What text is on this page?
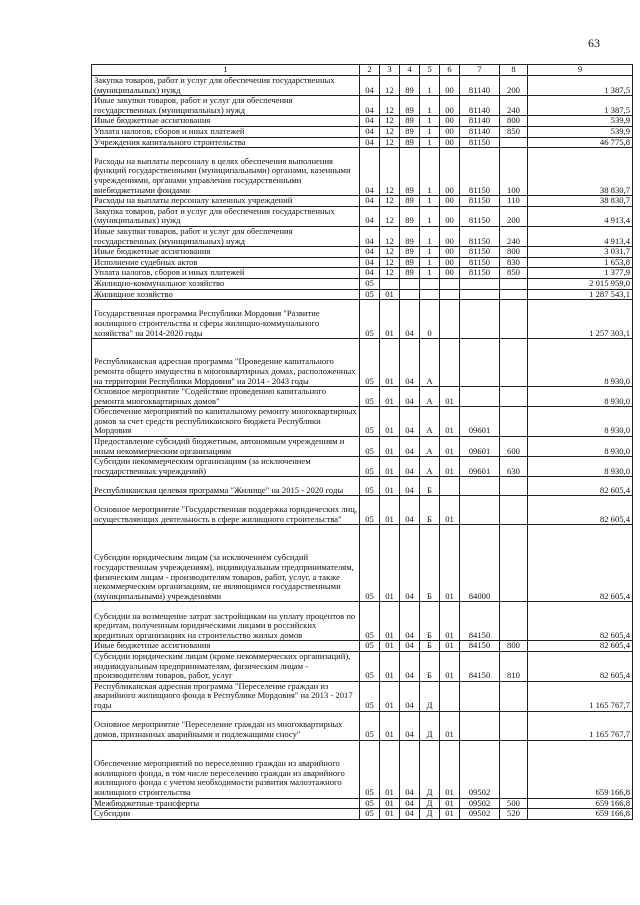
63
1	2	3	4	5	6	7	8	9
Закупка товаров, работ и услуг для обеспечения государственных (муниципальных) нужд	04	12	89	1	00	81140	200	1 387,5
Иные закупки товаров, работ и услуг для обеспечения государственных (муниципальных) нужд	04	12	89	1	00	81140	240	1 387,5
Иные бюджетные ассигнования	04	12	89	1	00	81140	800	539,9
Уплата налогов, сборов и иных платежей	04	12	89	1	00	81140	850	539,9
Учреждения капитального строительства	04	12	89	1	00	81150		46 775,8
Расходы на выплаты персоналу в целях обеспечения выполнения функций государственными (муниципальными) органами, казенными учреждениями, органами управления государственными внебюджетными фондами	04	12	89	1	00	81150	100	38 830,7
Расходы на выплаты персоналу казенных учреждений	04	12	89	1	00	81150	110	38 830,7
Закупка товаров, работ и услуг для обеспечения государственных (муниципальных) нужд	04	12	89	1	00	81150	200	4 913,4
Иные закупки товаров, работ и услуг для обеспечения государственных (муниципальных) нужд	04	12	89	1	00	81150	240	4 913,4
Иные бюджетные ассигнования	04	12	89	1	00	81150	800	3 031,7
Исполнение судебных актов	04	12	89	1	00	81150	830	1 653,8
Уплата налогов, сборов и иных платежей	04	12	89	1	00	81150	850	1 377,9
Жилищно-коммунальное хозяйство	05							2 015 959,0
Жилищное хозяйство	05	01						1 287 543,1
Государственная программа Республики Мордовия "Развитие жилищного строительства и сферы жилищно-коммунального хозяйства" на 2014-2020 годы	05	01	04	0				1 257 303,1
Республиканская адресная программа "Проведение капитального ремонта общего имущества в многоквартирных домах, расположенных на территории Республики Мордовия" на 2014 - 2043 годы	05	01	04	А				8 930,0
Основное мероприятие "Содействие проведению капитального ремонта многоквартирных домов"	05	01	04	А	01			8 930,0
Обеспечение мероприятий по капитальному ремонту многоквартирных домов за счет средств республиканского бюджета Республики Мордовия	05	01	04	А	01	09601		8 930,0
Предоставление субсидий бюджетным, автономным учреждениям и иным некоммерческим организациям	05	01	04	А	01	09601	600	8 930,0
Субсидии некоммерческим организациям (за исключением государственных учреждений)	05	01	04	А	01	09601	630	8 930,0
Республиканская целевая программа "Жилище" на 2015 - 2020 годы	05	01	04	Б				82 605,4
Основное мероприятие "Государственная поддержка юридических лиц, осуществляющих деятельность в сфере жилищного строительства"	05	01	04	Б	01			82 605,4
Субсидии юридическим лицам (за исключением субсидий государственным учреждениям), индивидуальным предпринимателям, физическим лицам - производителям товаров, работ, услуг, а также некоммерческим организациям, не являющимся государственными (муниципальными) учреждениями	05	01	04	Б	01	84000		82 605,4
Субсидии на возмещение затрат застройщикам на уплату процентов по кредитам, полученным юридическими лицами в российских кредитных организациях на строительство жилых домов	05	01	04	Б	01	84150		82 605,4
Иные бюджетные ассигнования	05	01	04	Б	01	84150	800	82 605,4
Субсидии юридическим лицам (кроме некоммерческих организаций), индивидуальным предпринимателям, физическим лицам - производителям товаров, работ, услуг	05	01	04	Б	01	84150	810	82 605,4
Республиканская адресная программа "Переселение граждан из аварийного жилищного фонда в Республике Мордовия" на 2013 - 2017 годы	05	01	04	Д				1 165 767,7
Основное мероприятие "Переселение граждан из многоквартирных домов, признанных аварийными и подлежащими сносу"	05	01	04	Д	01			1 165 767,7
Обеспечение мероприятий по переселению граждан из аварийного жилищного фонда, в том числе переселению граждан из аварийного жилищного фонда с учетом необходимости развития малоэтажного жилищного строительства	05	01	04	Д	01	09502		659 166,8
Межбюджетные трансферты	05	01	04	Д	01	09502	500	659 166,8
Субсидии	05	01	04	Д	01	09502	520	659 166,8
